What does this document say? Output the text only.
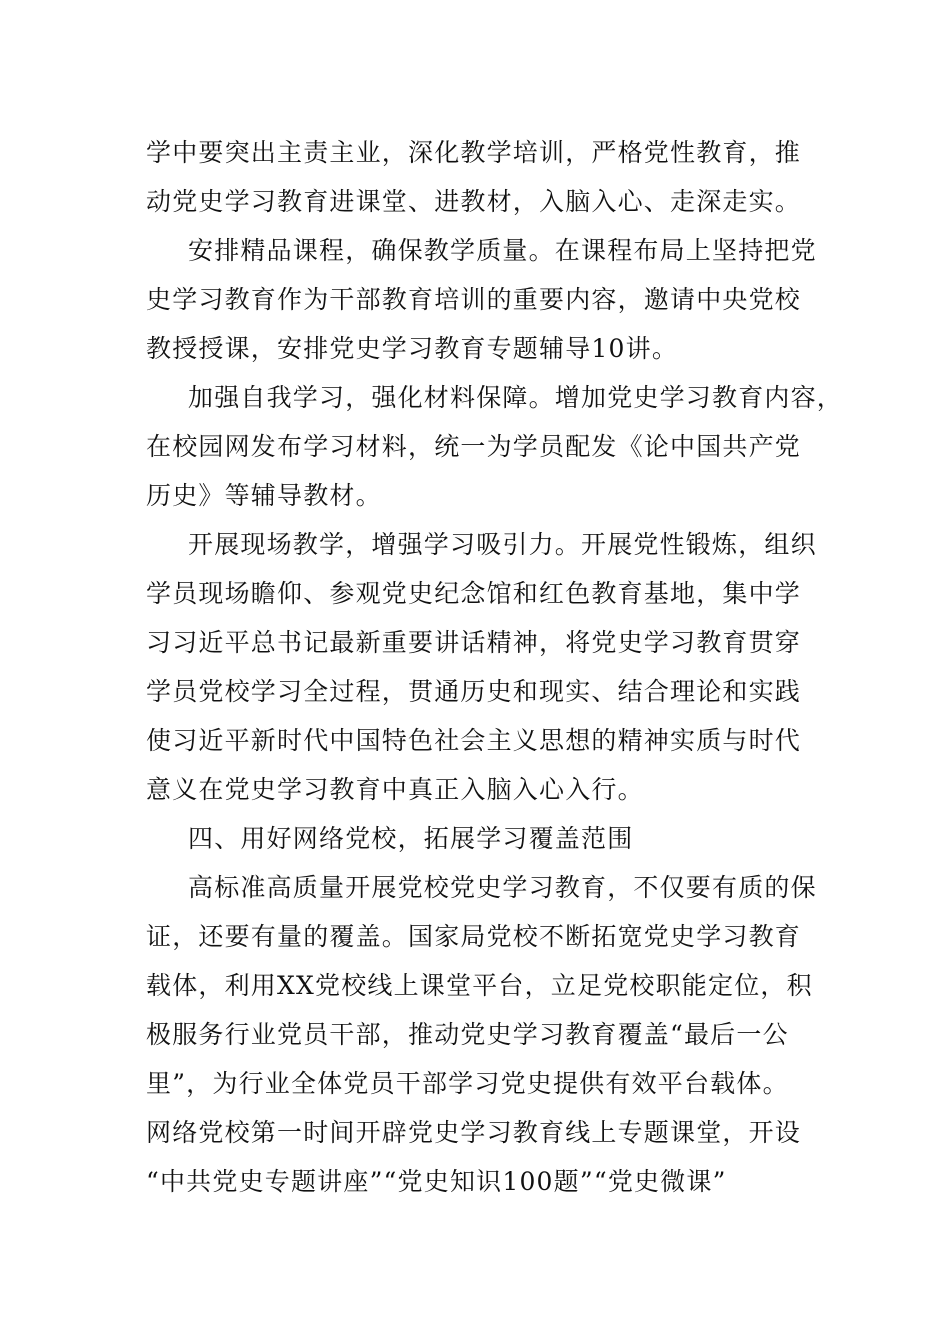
学中要突出主责主业，深化教学培训，严格党性教育，推
动党史学习教育进课堂、进教材，入脑入心、走深走实。
安排精品课程，确保教学质量。在课程布局上坚持把党
史学习教育作为干部教育培训的重要内容，邀请中央党校
教授授课，安排党史学习教育专题辅导10讲。
加强自我学习，强化材料保障。增加党史学习教育内容，
在校园网发布学习材料，统一为学员配发《论中国共产党
历史》等辅导教材。
开展现场教学，增强学习吸引力。开展党性锻炼，组织
学员现场瞻仰、参观党史纪念馆和红色教育基地，集中学
习习近平总书记最新重要讲话精神，将党史学习教育贯穿
学员党校学习全过程，贯通历史和现实、结合理论和实践
使习近平新时代中国特色社会主义思想的精神实质与时代
意义在党史学习教育中真正入脑入心入行。
四、用好网络党校，拓展学习覆盖范围
高标准高质量开展党校党史学习教育，不仅要有质的保
证，还要有量的覆盖。国家局党校不断拓宽党史学习教育
载体，利用XX党校线上课堂平台，立足党校职能定位，积
极服务行业党员干部，推动党史学习教育覆盖“最后一公
里”，为行业全体党员干部学习党史提供有效平台载体。
网络党校第一时间开辟党史学习教育线上专题课堂，开设
“中共党史专题讲座”“党史知识100题”“党史微课”
